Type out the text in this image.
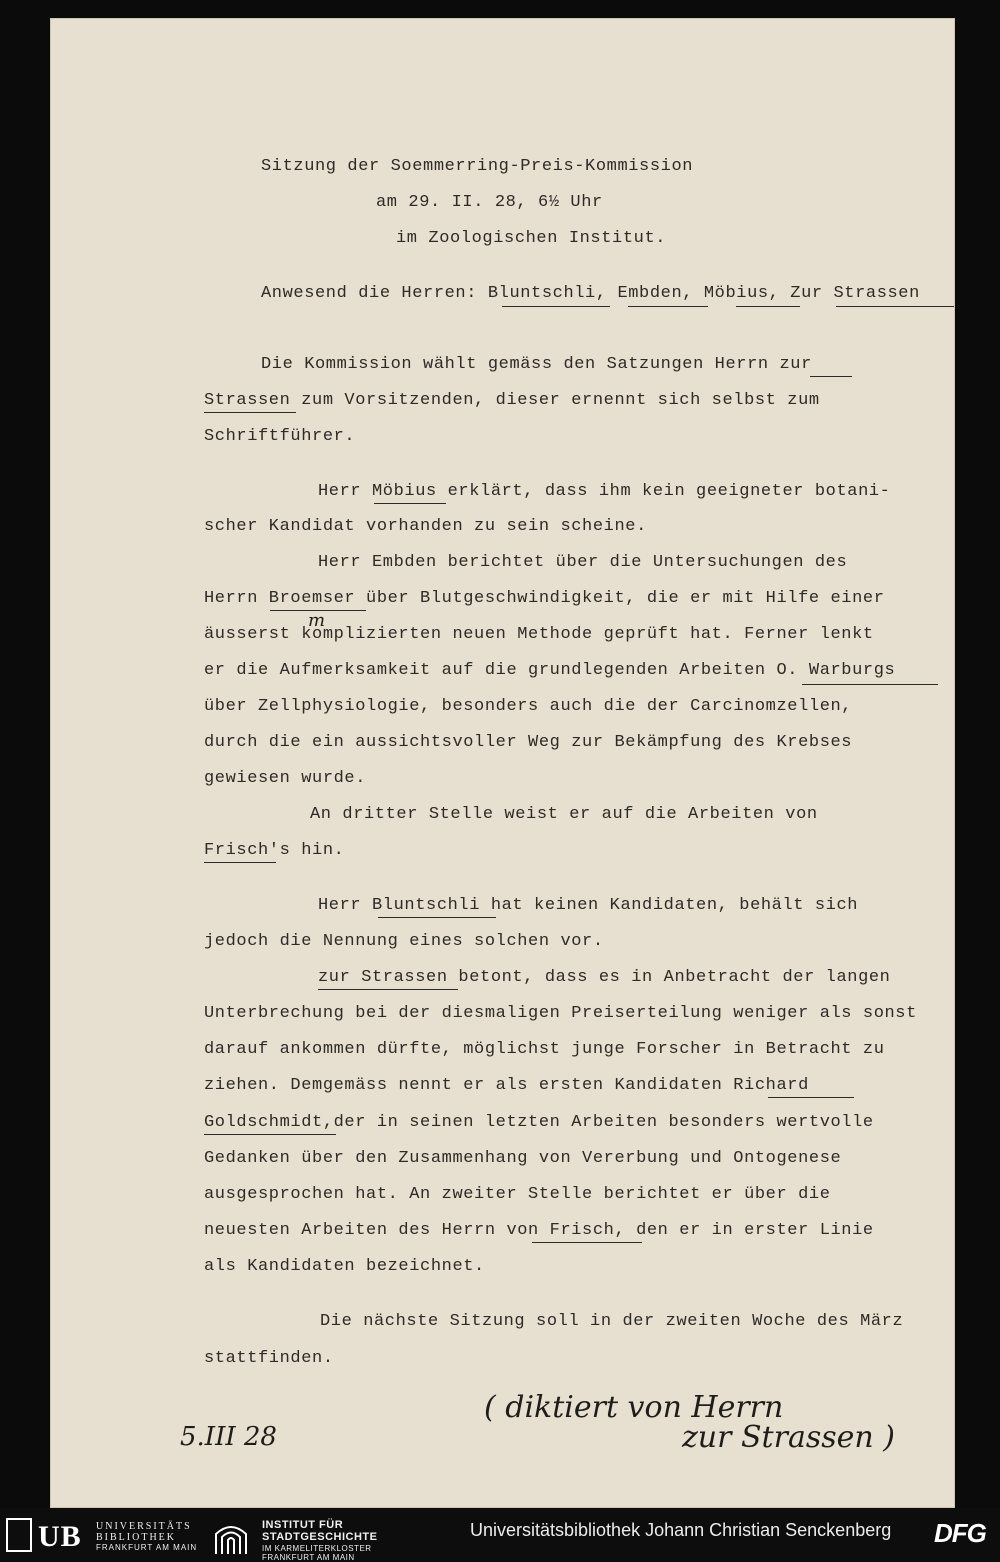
Sitzung der Soemmerring-Preis-Kommission
am 29. II. 28, 6½ Uhr
im Zoologischen Institut.
Anwesend die Herren: Bluntschli, Embden, Möbius, Zur Strassen
Die Kommission wählt gemäss den Satzungen Herrn zur
Strassen zum Vorsitzenden, dieser ernennt sich selbst zum
Schriftführer.
Herr Möbius erklärt, dass ihm kein geeigneter botani-
scher Kandidat vorhanden zu sein scheine.
Herr Embden berichtet über die Untersuchungen des
Herrn Broemser über Blutgeschwindigkeit, die er mit Hilfe einer
äusserst komplizierten neuen Methode geprüft hat. Ferner lenkt
er die Aufmerksamkeit auf die grundlegenden Arbeiten O. Warburgs
über Zellphysiologie, besonders auch die der Carcinomzellen,
durch die ein aussichtsvoller Weg zur Bekämpfung des Krebses
gewiesen wurde.
m
An dritter Stelle weist er auf die Arbeiten von
Frisch's hin.
Herr Bluntschli hat keinen Kandidaten, behält sich
jedoch die Nennung eines solchen vor.
zur Strassen betont, dass es in Anbetracht der langen
Unterbrechung bei der diesmaligen Preiserteilung weniger als sonst
darauf ankommen dürfte, möglichst junge Forscher in Betracht zu
ziehen. Demgemäss nennt er als ersten Kandidaten Richard
Goldschmidt,der in seinen letzten Arbeiten besonders wertvolle
Gedanken über den Zusammenhang von Vererbung und Ontogenese
ausgesprochen hat. An zweiter Stelle berichtet er über die
neuesten Arbeiten des Herrn von Frisch, den er in erster Linie
als Kandidaten bezeichnet.
Die nächste Sitzung soll in der zweiten Woche des März
stattfinden.
5.III 28
( diktiert von Herrn
zur Strassen )
UB UNIVERSITÄTS
BIBLIOTHEK
FRANKFURT AM MAIN
INSTITUT FÜR
STADTGESCHICHTE
IM KARMELITERKLOSTER
FRANKFURT AM MAIN
Universitätsbibliothek Johann Christian Senckenberg DFG
